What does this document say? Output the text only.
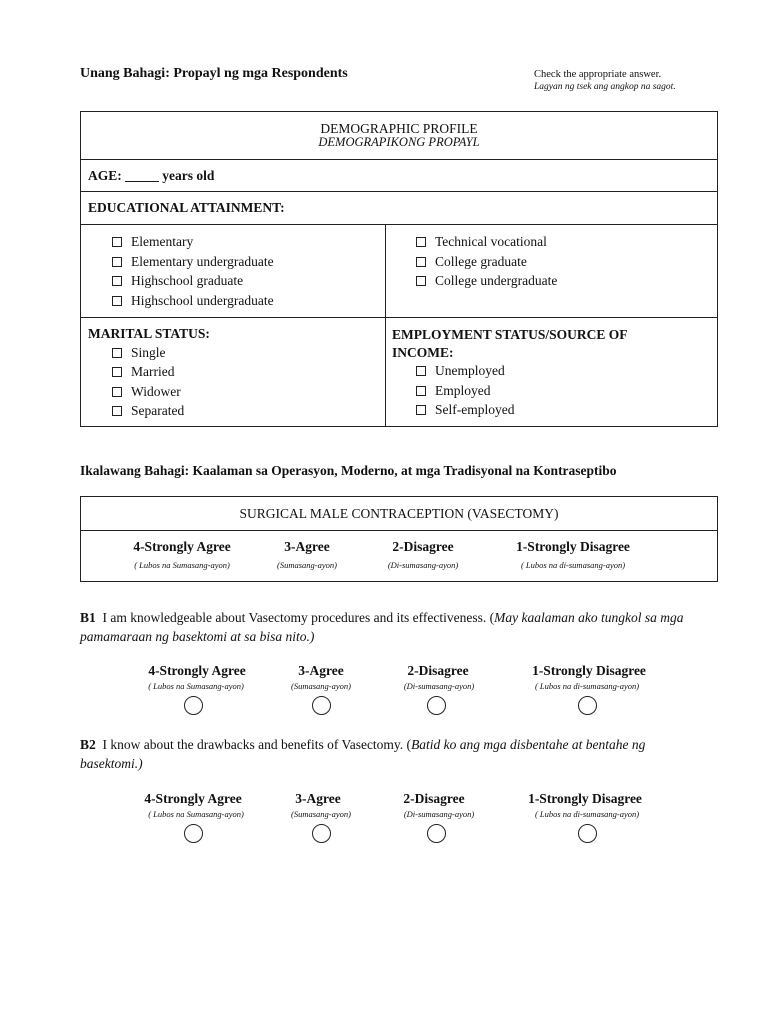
Unang Bahagi: Propayl ng mga Respondents	Check the appropriate answer.
Lagyan ng tsek ang angkop na sagot.
DEMOGRAPHIC PROFILE
DEMOGRAPIKONG PROPAYL
AGE: _____ years old
EDUCATIONAL ATTAINMENT:
Elementary
Elementary undergraduate
Highschool graduate
Highschool undergraduate
Technical vocational
College graduate
College undergraduate
MARITAL STATUS:
Single
Married
Widower
Separated
EMPLOYMENT STATUS/SOURCE OF
INCOME:
Unemployed
Employed
Self-employed
Ikalawang Bahagi: Kaalaman sa Operasyon, Moderno, at mga Tradisyonal na Kontraseptibo
SURGICAL MALE CONTRACEPTION (VASECTOMY)
4-Strongly Agree	3-Agree	2-Disagree	1-Strongly Disagree
( Lubos na Sumasang-ayon)	(Sumasang-ayon)	(Di-sumasang-ayon)	( Lubos na di-sumasang-ayon)
B1 I am knowledgeable about Vasectomy procedures and its effectiveness. (May kaalaman ako tungkol sa mga pamamaraan ng basektomi at sa bisa nito.)
4-Strongly Agree	3-Agree	2-Disagree	1-Strongly Disagree
( Lubos na Sumasang-ayon)	(Sumasang-ayon)	(Di-sumasang-ayon)	( Lubos na di-sumasang-ayon)
B2 I know about the drawbacks and benefits of Vasectomy. (Batid ko ang mga disbentahe at bentahe ng basektomi.)
4-Strongly Agree	3-Agree	2-Disagree	1-Strongly Disagree
( Lubos na Sumasang-ayon)	(Sumasang-ayon)	(Di-sumasang-ayon)	( Lubos na di-sumasang-ayon)
